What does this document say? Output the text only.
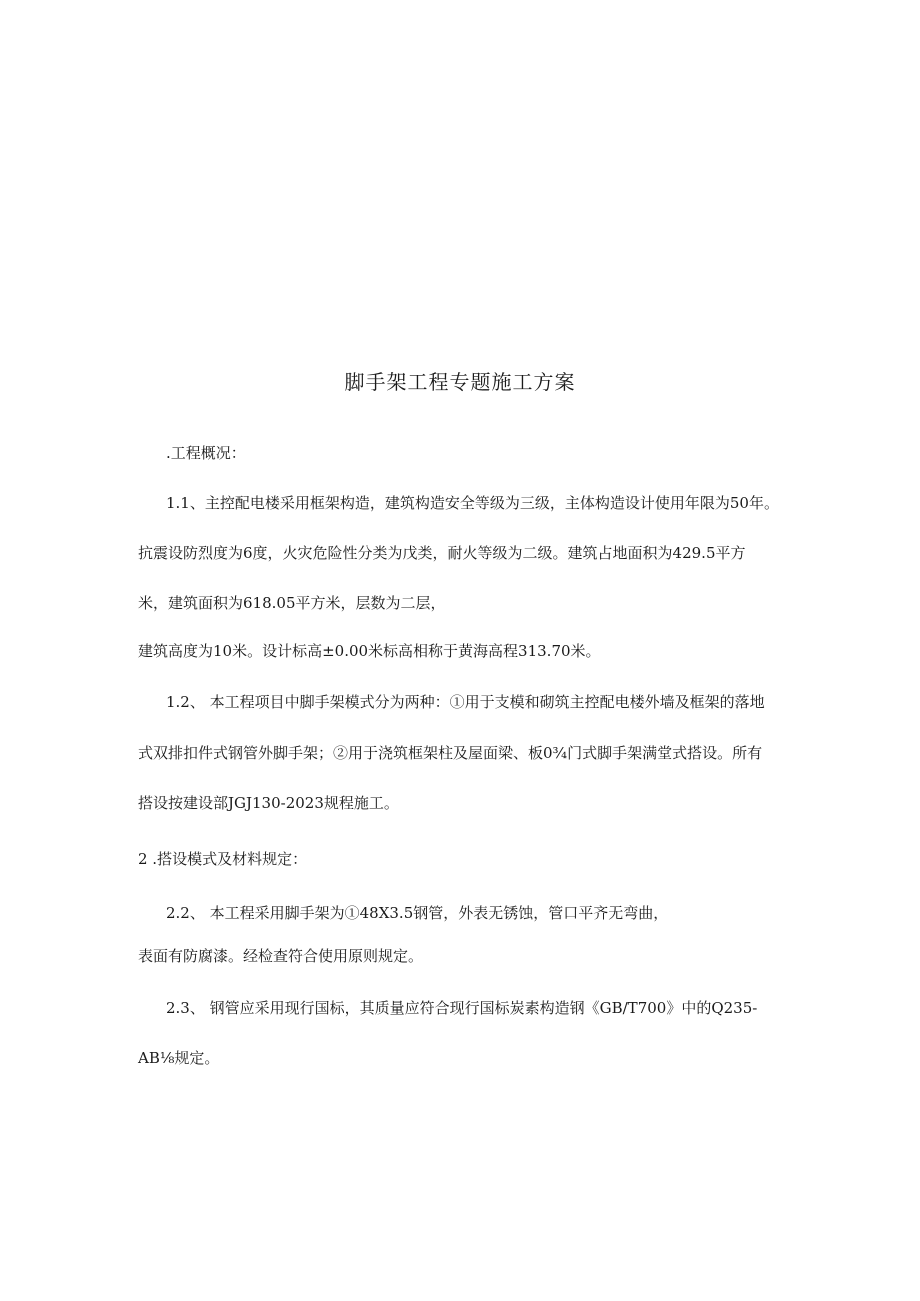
脚手架工程专题施工方案
.工程概况：
1.1、主控配电楼采用框架构造，建筑构造安全等级为三级，主体构造设计使用年限为50年。
抗震设防烈度为6度，火灾危险性分类为戊类，耐火等级为二级。建筑占地面积为429.5平方
米，建筑面积为618.05平方米，层数为二层，
建筑高度为10米。设计标高±0.00米标高相称于黄海高程313.70米。
1.2、 本工程项目中脚手架模式分为两种：①用于支模和砌筑主控配电楼外墙及框架的落地
式双排扣件式钢管外脚手架；②用于浇筑框架柱及屋面梁、板0¾门式脚手架满堂式搭设。所有
搭设按建设部JGJ130-2023规程施工。
2 .搭设模式及材料规定：
2.2、 本工程采用脚手架为①48X3.5钢管，外表无锈蚀，管口平齐无弯曲，
表面有防腐漆。经检查符合使用原则规定。
2.3、 钢管应采用现行国标，其质量应符合现行国标炭素构造钢《GB/T700》中的Q235-
AB⅛规定。
